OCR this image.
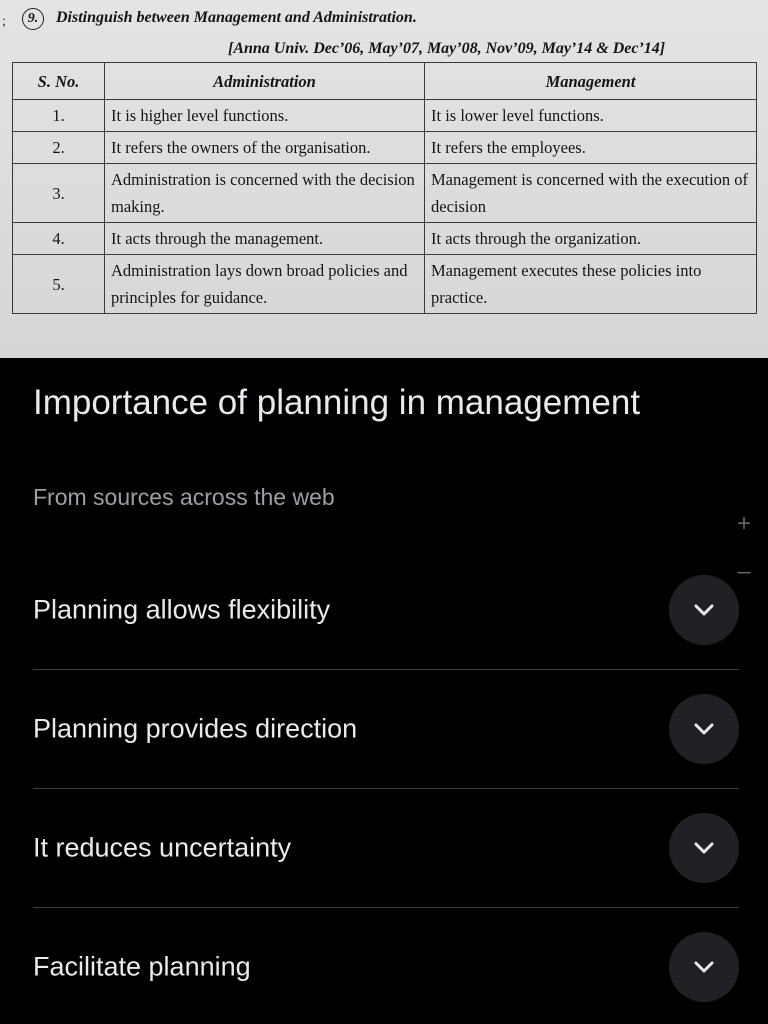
;	9. Distinguish between Management and Administration.
[Anna Univ. Dec’06, May’07, May’08, Nov’09, May’14 & Dec’14]
S. No.	Administration	Management
1.	It is higher level functions.	It is lower level functions.
2.	It refers the owners of the organisation.	It refers the employees.
3.	Administration is concerned with the decision making.	Management is concerned with the execution of decision
4.	It acts through the management.	It acts through the organization.
5.	Administration lays down broad policies and principles for guidance.	Management executes these policies into practice.
Importance of planning in management
From sources across the web
+
–
Planning allows flexibility
Planning provides direction
It reduces uncertainty
Facilitate planning
